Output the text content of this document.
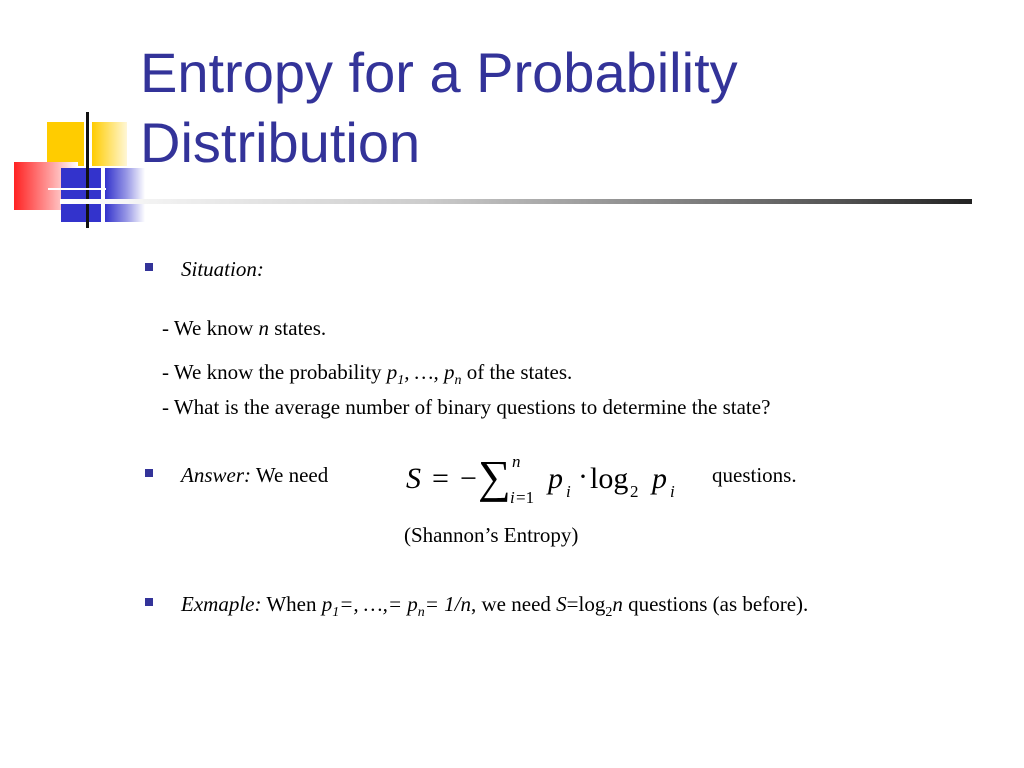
Entropy for a Probability
Distribution
Situation:
- We know n states.
- We know the probability $p_1$, …, $p_n$ of the states.
- What is the average number of binary questions to determine the state?
Answer: We need	S = − ∑ n
i =1
p i · log 2 p i
questions.
(Shannon’s Entropy)
Exmaple: When $p_1=$, …,= $p_n= 1/n$, we need $S=\log_2n$ questions (as before).
